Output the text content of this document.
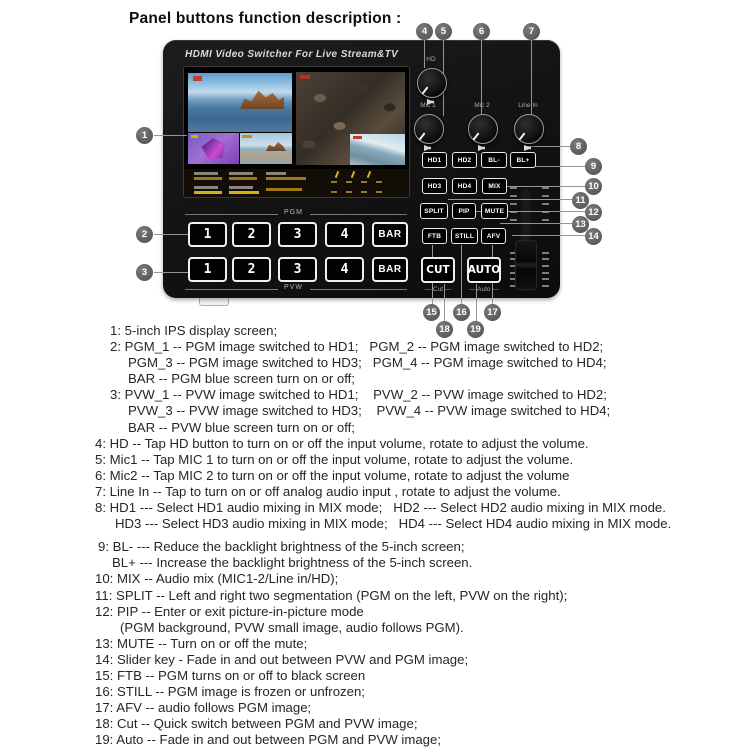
Panel buttons function description :
HDMI Video Switcher For Live Stream&TV	HD
Mic 1	Mic 2	Line In
HD1	HD2	BL-	BL+
HD3	HD4	MIX
SPLIT	PIP	MUTE
FTB	STILL	AFV
CUT	AUTO
— Cut —	— Auto —
PGM
1	2	3	4	BAR
1	2	3	4	BAR
PVW
1
2
3
4	5	6	7
8
9
10
11
12
13
14
15	16	17
18	19
1: 5-inch IPS display screen;
2: PGM_1 -- PGM image switched to HD1;   PGM_2 -- PGM image switched to HD2;
PGM_3 -- PGM image switched to HD3;   PGM_4 -- PGM image switched to HD4;
BAR -- PGM blue screen turn on or off;
3: PVW_1 -- PVW image switched to HD1;    PVW_2 -- PVW image switched to HD2;
PVW_3 -- PVW image switched to HD3;    PVW_4 -- PVW image switched to HD4;
BAR -- PVW blue screen turn on or off;
4: HD -- Tap HD button to turn on or off the input volume, rotate to adjust the volume.
5: Mic1 -- Tap MIC 1 to turn on or off the input volume, rotate to adjust the volume.
6: Mic2 -- Tap MIC 2 to turn on or off the input volume, rotate to adjust the volume
7: Line In -- Tap to turn on or off analog audio input , rotate to adjust the volume.
8: HD1 --- Select HD1 audio mixing in MIX mode;   HD2 --- Select HD2 audio mixing in MIX mode.
HD3 --- Select HD3 audio mixing in MIX mode;   HD4 --- Select HD4 audio mixing in MIX mode.
9: BL- --- Reduce the backlight brightness of the 5-inch screen;
BL+ --- Increase the backlight brightness of the 5-inch screen.
10: MIX -- Audio mix (MIC1-2/Line in/HD);
11: SPLIT -- Left and right two segmentation (PGM on the left, PVW on the right);
12: PIP -- Enter or exit picture-in-picture mode
(PGM background, PVW small image, audio follows PGM).
13: MUTE -- Turn on or off the mute;
14: Slider key - Fade in and out between PVW and PGM image;
15: FTB -- PGM turns on or off to black screen
16: STILL -- PGM image is frozen or unfrozen;
17: AFV -- audio follows PGM image;
18: Cut -- Quick switch between PGM and PVW image;
19: Auto -- Fade in and out between PGM and PVW image;
